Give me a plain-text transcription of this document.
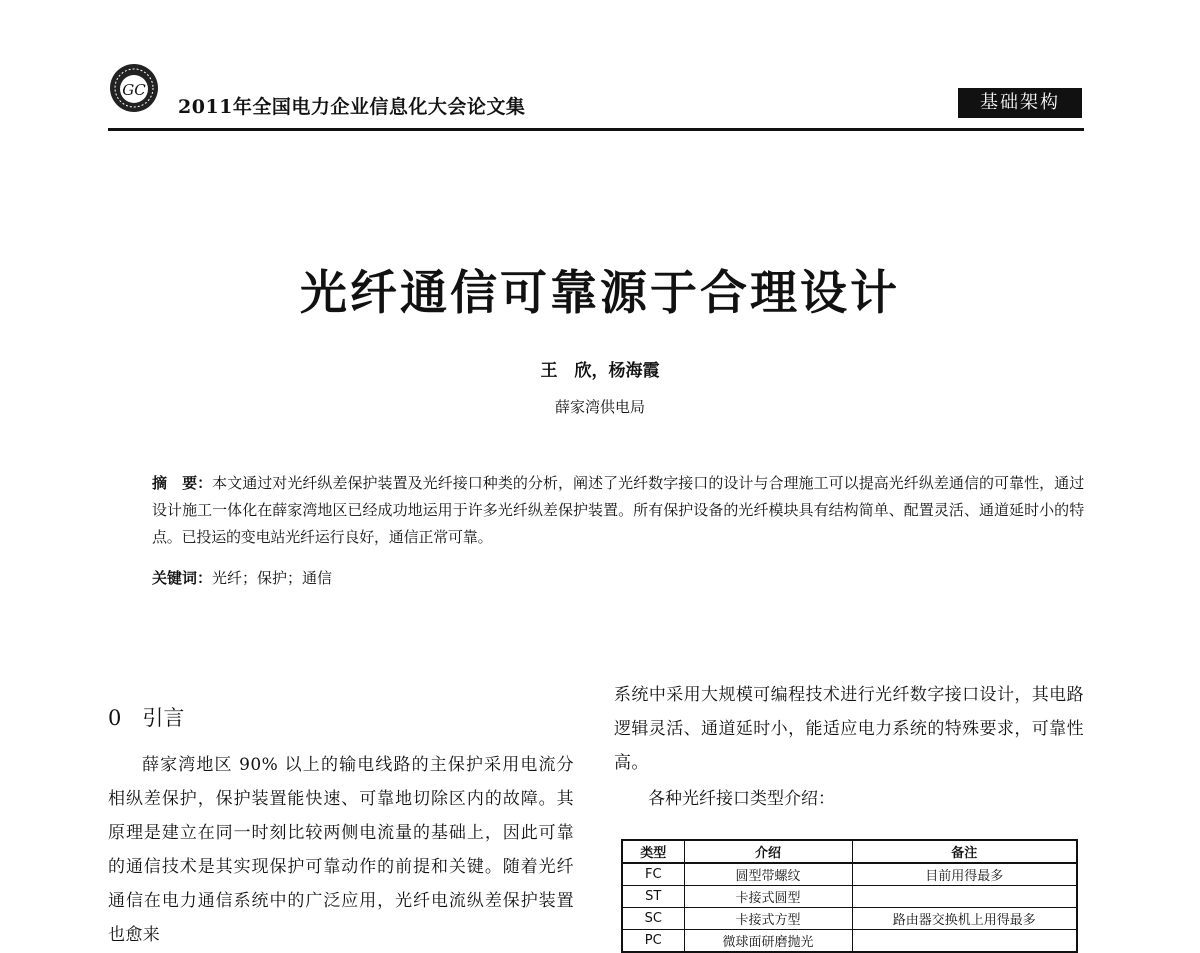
GC
2011年全国电力企业信息化大会论文集	基础架构
光纤通信可靠源于合理设计
王　欣，杨海霞
薛家湾供电局
摘　要：本文通过对光纤纵差保护装置及光纤接口种类的分析，阐述了光纤数字接口的设计与合理施工可以提高光纤纵差通信的可靠性，通过设计施工一体化在薛家湾地区已经成功地运用于许多光纤纵差保护装置。所有保护设备的光纤模块具有结构简单、配置灵活、通道延时小的特点。已投运的变电站光纤运行良好，通信正常可靠。
关键词：光纤；保护；通信
0　引言
薛家湾地区 90% 以上的输电线路的主保护采用电流分相纵差保护，保护装置能快速、可靠地切除区内的故障。其原理是建立在同一时刻比较两侧电流量的基础上，因此可靠的通信技术是其实现保护可靠动作的前提和关键。随着光纤通信在电力通信系统中的广泛应用，光纤电流纵差保护装置也愈来
系统中采用大规模可编程技术进行光纤数字接口设计，其电路逻辑灵活、通道延时小，能适应电力系统的特殊要求，可靠性高。
各种光纤接口类型介绍：
类型	介绍	备注
FC	圆型带螺纹	目前用得最多
ST	卡接式圆型	
SC	卡接式方型	路由器交换机上用得最多
PC	微球面研磨抛光	
